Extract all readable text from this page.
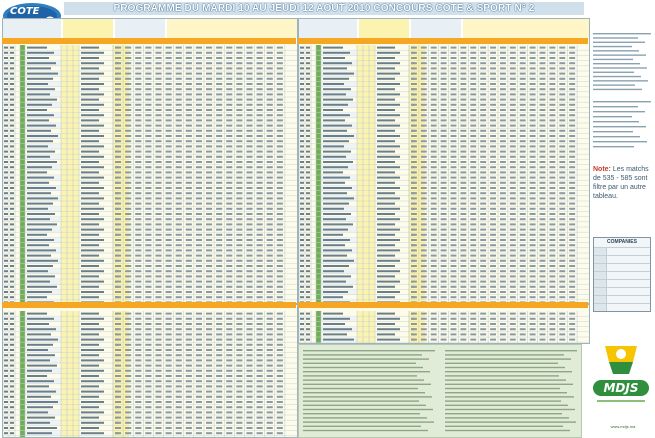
COTE	PROGRAMME DU MARDI 10 AU JEUDI 12 AOUT 2010 CONCOURS COTE & SPORT N° 2
Note: Les matchs de 535 - 585 sont filtre par un autre tableau.
COMPANIES
MDJS
www.mdjs.ma
